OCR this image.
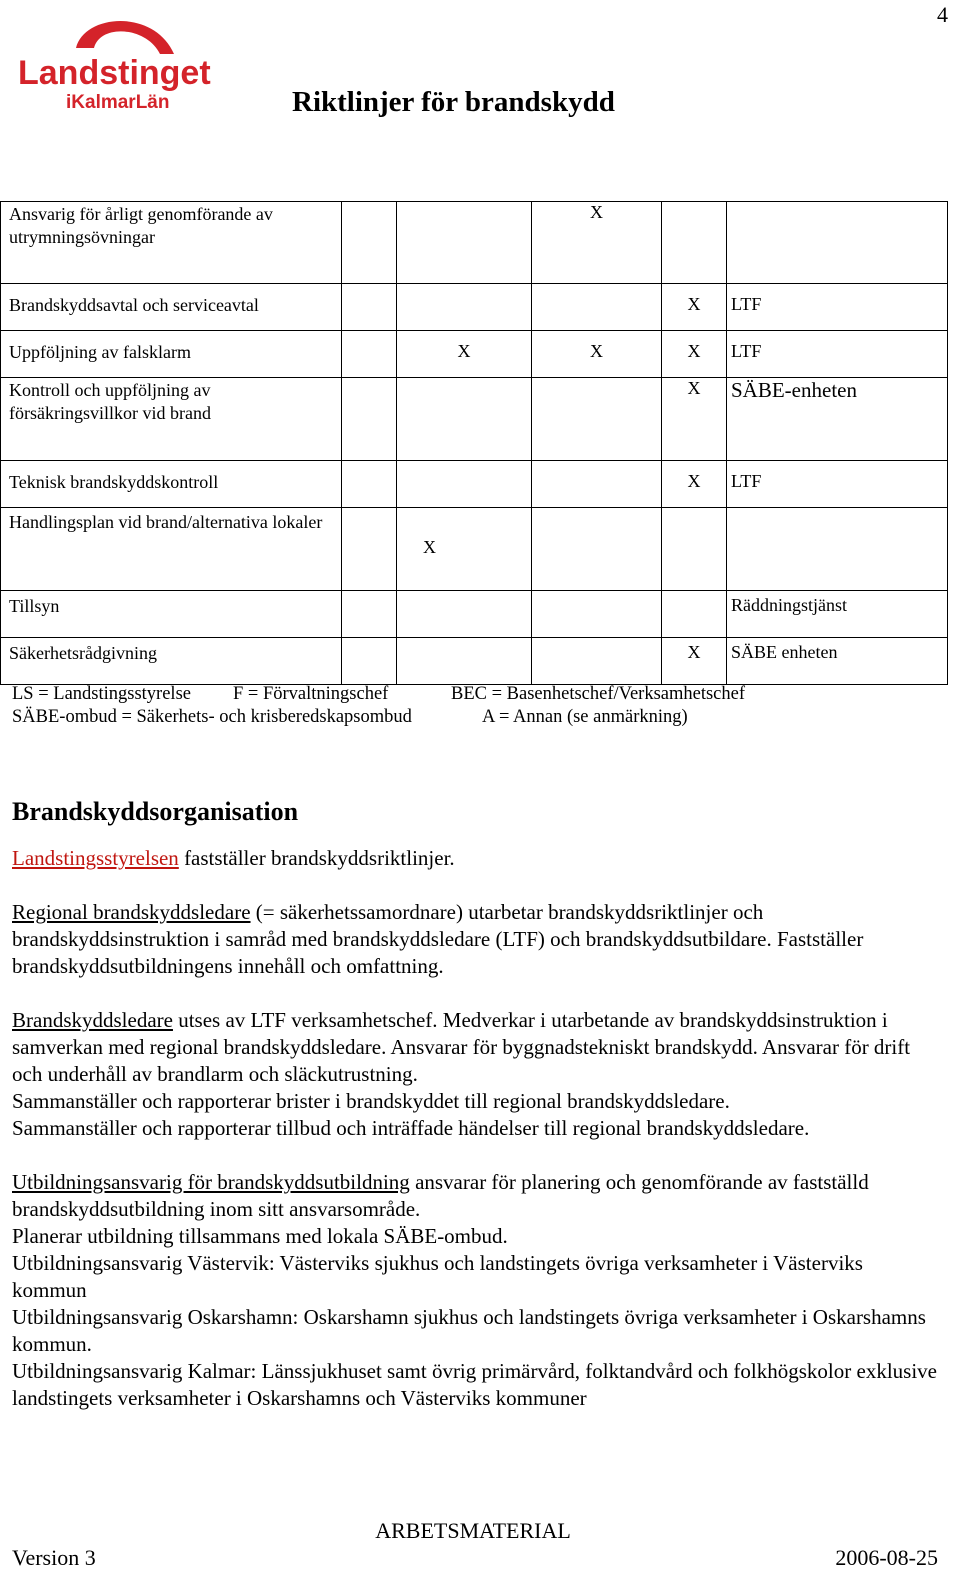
4
Landstinget
iKalmarLän	Riktlinjer för brandskydd
Ansvarig för årligt genomförande av utrymningsövningar			X		
Brandskyddsavtal och serviceavtal				X	LTF
Uppföljning av falsklarm		X	X	X	LTF
Kontroll och uppföljning av försäkringsvillkor vid brand				X	SÄBE-enheten
Teknisk brandskyddskontroll				X	LTF
Handlingsplan vid brand/alternativa lokaler		X			
Tillsyn					Räddningstjänst
Säkerhetsrådgivning				X	SÄBE enheten
LS = Landstingsstyrelse F = Förvaltningschef	BEC = Basenhetschef/Verksamhetschef
SÄBE-ombud = Säkerhets- och krisberedskapsombud	A = Annan (se anmärkning)
Brandskyddsorganisation

Landstingsstyrelsen fastställer brandskyddsriktlinjer.

Regional brandskyddsledare (= säkerhetssamordnare) utarbetar brandskyddsriktlinjer och brandskyddsinstruktion i samråd med brandskyddsledare (LTF) och brandskyddsutbildare. Fastställer brandskyddsutbildningens innehåll och omfattning.

Brandskyddsledare utses av LTF verksamhetschef. Medverkar i utarbetande av brandskyddsinstruktion i samverkan med regional brandskyddsledare. Ansvarar för byggnadstekniskt brandskydd. Ansvarar för drift och underhåll av brandlarm och släckutrustning.

Sammanställer och rapporterar brister i brandskyddet till regional brandskyddsledare.

Sammanställer och rapporterar tillbud och inträffade händelser till regional brandskyddsledare.

Utbildningsansvarig för brandskyddsutbildning ansvarar för planering och genomförande av fastställd brandskyddsutbildning inom sitt ansvarsområde.

Planerar utbildning tillsammans med lokala SÄBE-ombud.

Utbildningsansvarig Västervik: Västerviks sjukhus och landstingets övriga verksamheter i Västerviks kommun

Utbildningsansvarig Oskarshamn: Oskarshamn sjukhus och landstingets övriga verksamheter i Oskarshamns kommun.

Utbildningsansvarig Kalmar: Länssjukhuset samt övrig primärvård, folktandvård och folkhögskolor exklusive landstingets verksamheter i Oskarshamns och Västerviks kommuner

ARBETSMATERIAL
Version 3	2006-08-25
